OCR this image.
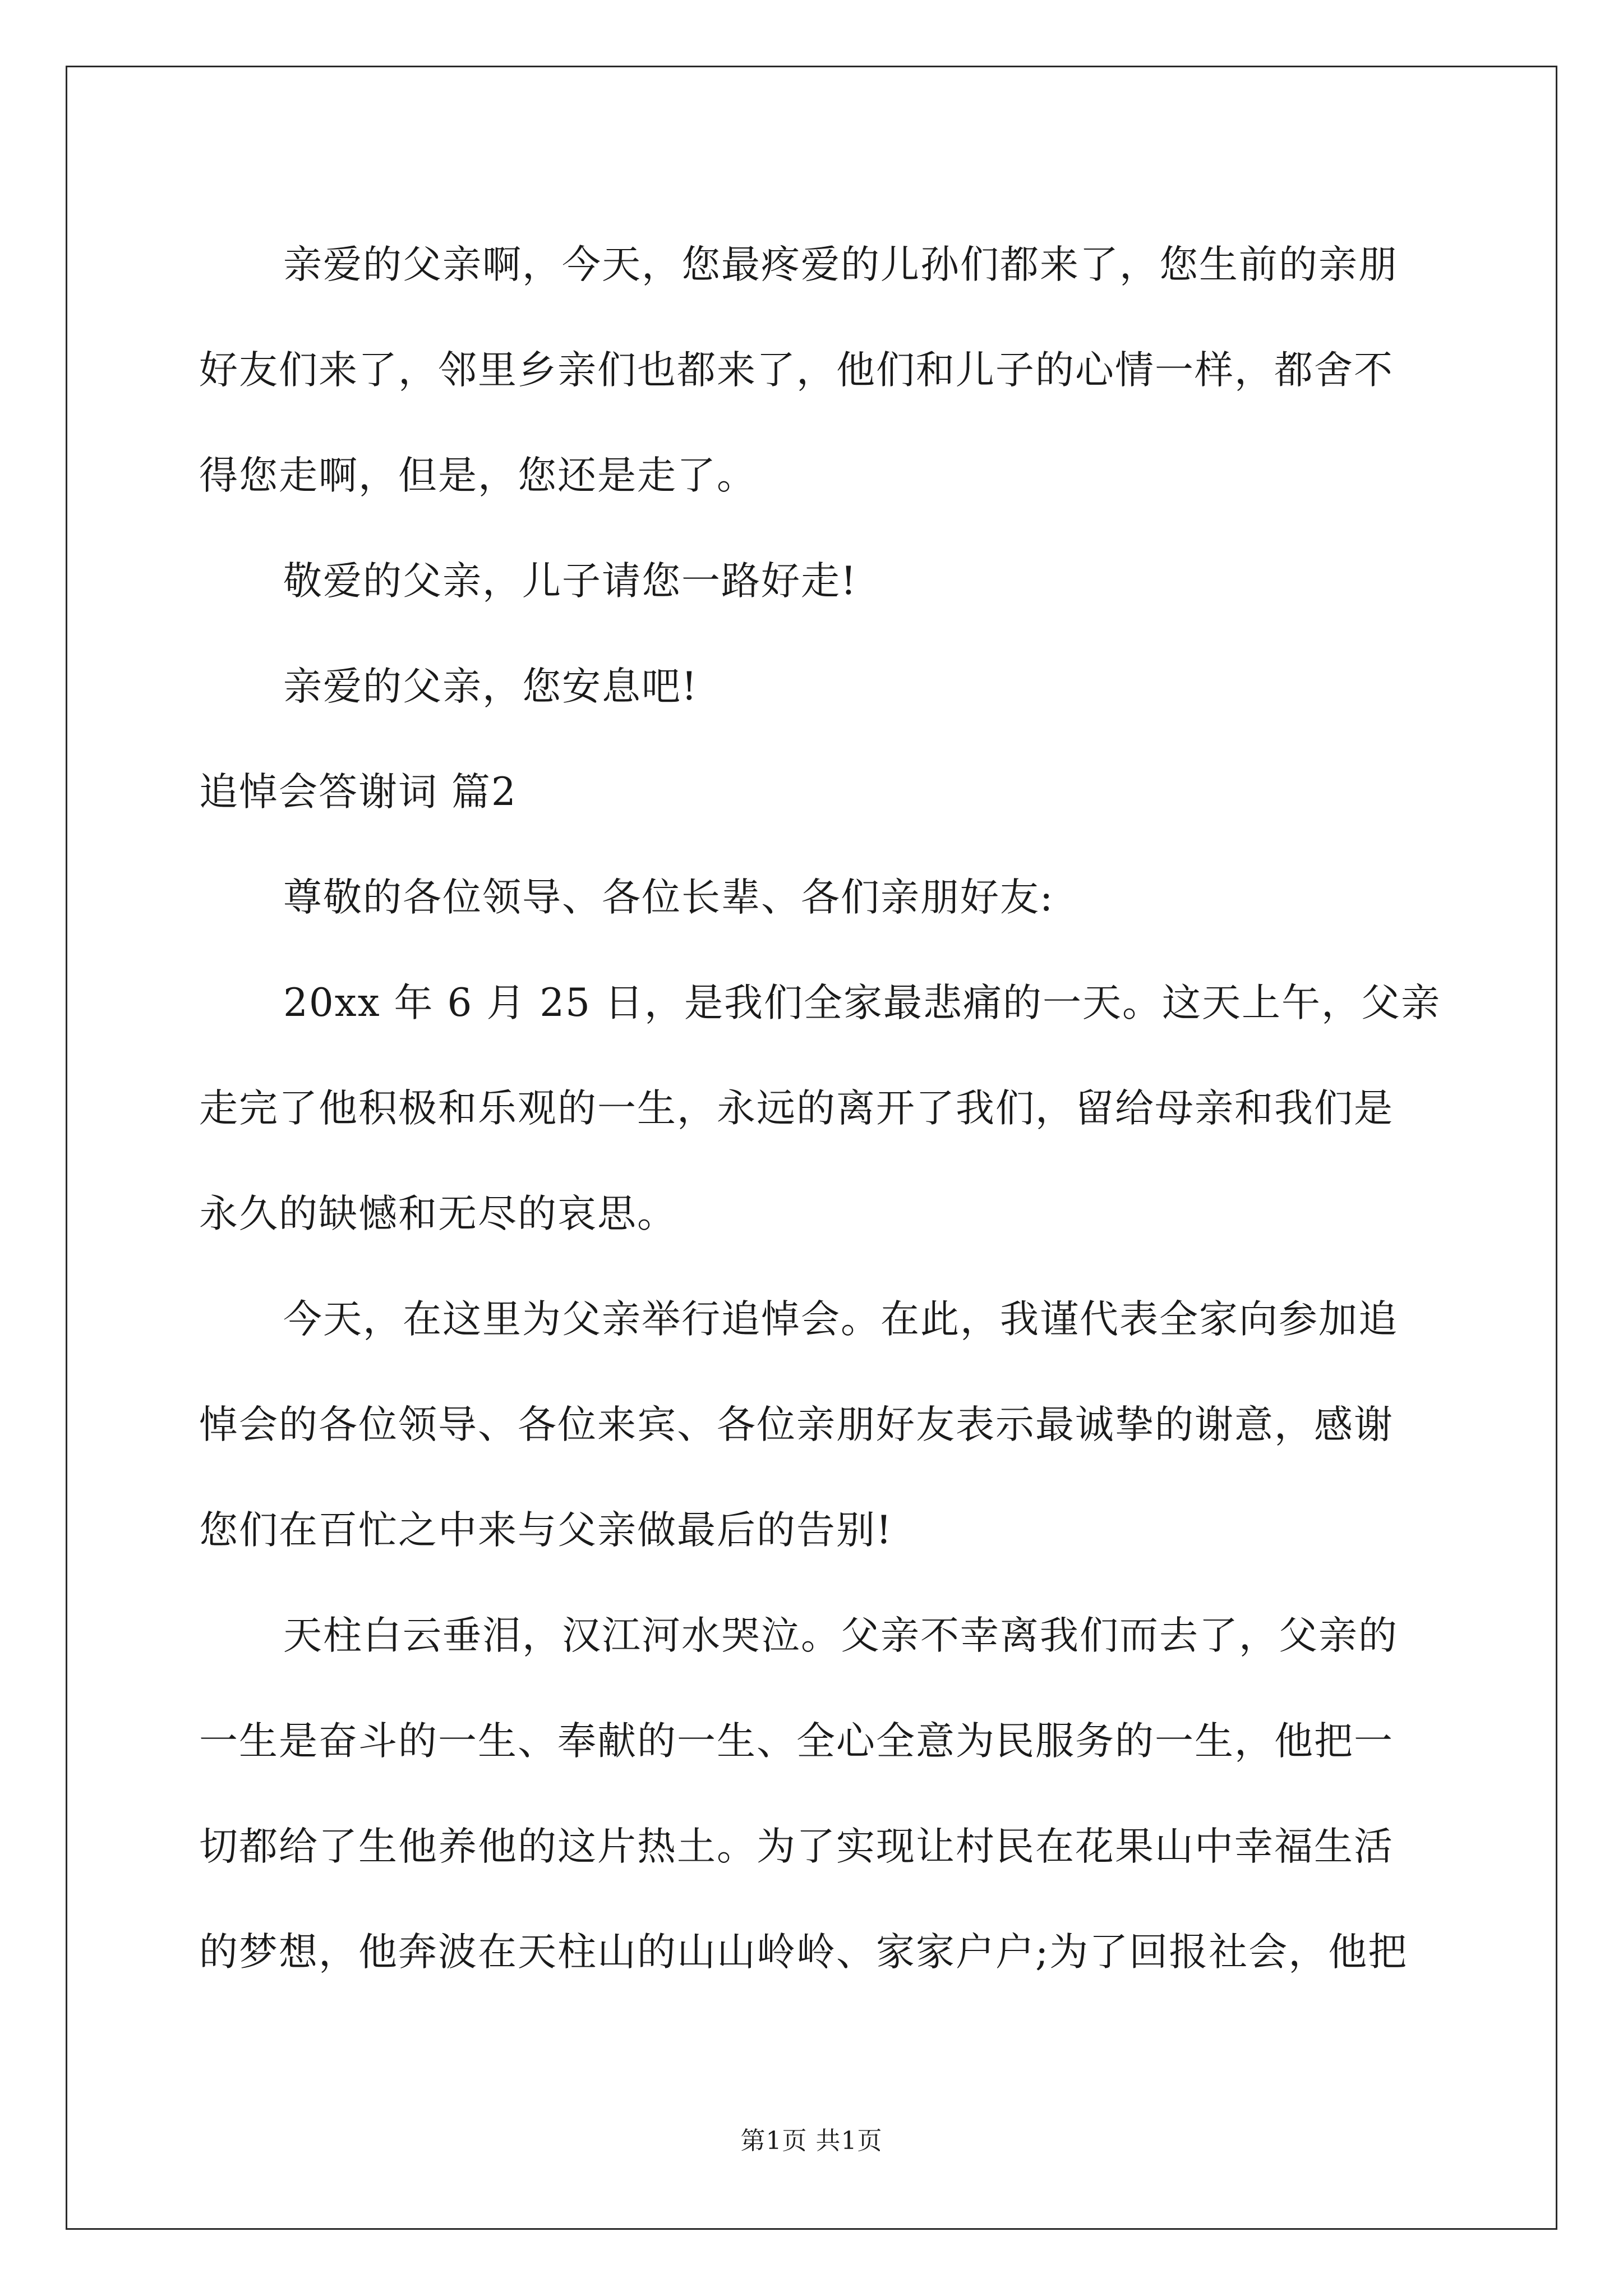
亲爱的父亲啊，今天，您最疼爱的儿孙们都来了，您生前的亲朋
好友们来了，邻里乡亲们也都来了，他们和儿子的心情一样，都舍不
得您走啊，但是，您还是走了。
敬爱的父亲，儿子请您一路好走!
亲爱的父亲，您安息吧!
追悼会答谢词 篇2
尊敬的各位领导、各位长辈、各们亲朋好友:
20xx 年 6 月 25 日，是我们全家最悲痛的一天。这天上午，父亲
走完了他积极和乐观的一生，永远的离开了我们，留给母亲和我们是
永久的缺憾和无尽的哀思。
今天，在这里为父亲举行追悼会。在此，我谨代表全家向参加追
悼会的各位领导、各位来宾、各位亲朋好友表示最诚挚的谢意，感谢
您们在百忙之中来与父亲做最后的告别!
天柱白云垂泪，汉江河水哭泣。父亲不幸离我们而去了，父亲的
一生是奋斗的一生、奉献的一生、全心全意为民服务的一生，他把一
切都给了生他养他的这片热土。为了实现让村民在花果山中幸福生活
的梦想，他奔波在天柱山的山山岭岭、家家户户;为了回报社会，他把
第1页 共1页
